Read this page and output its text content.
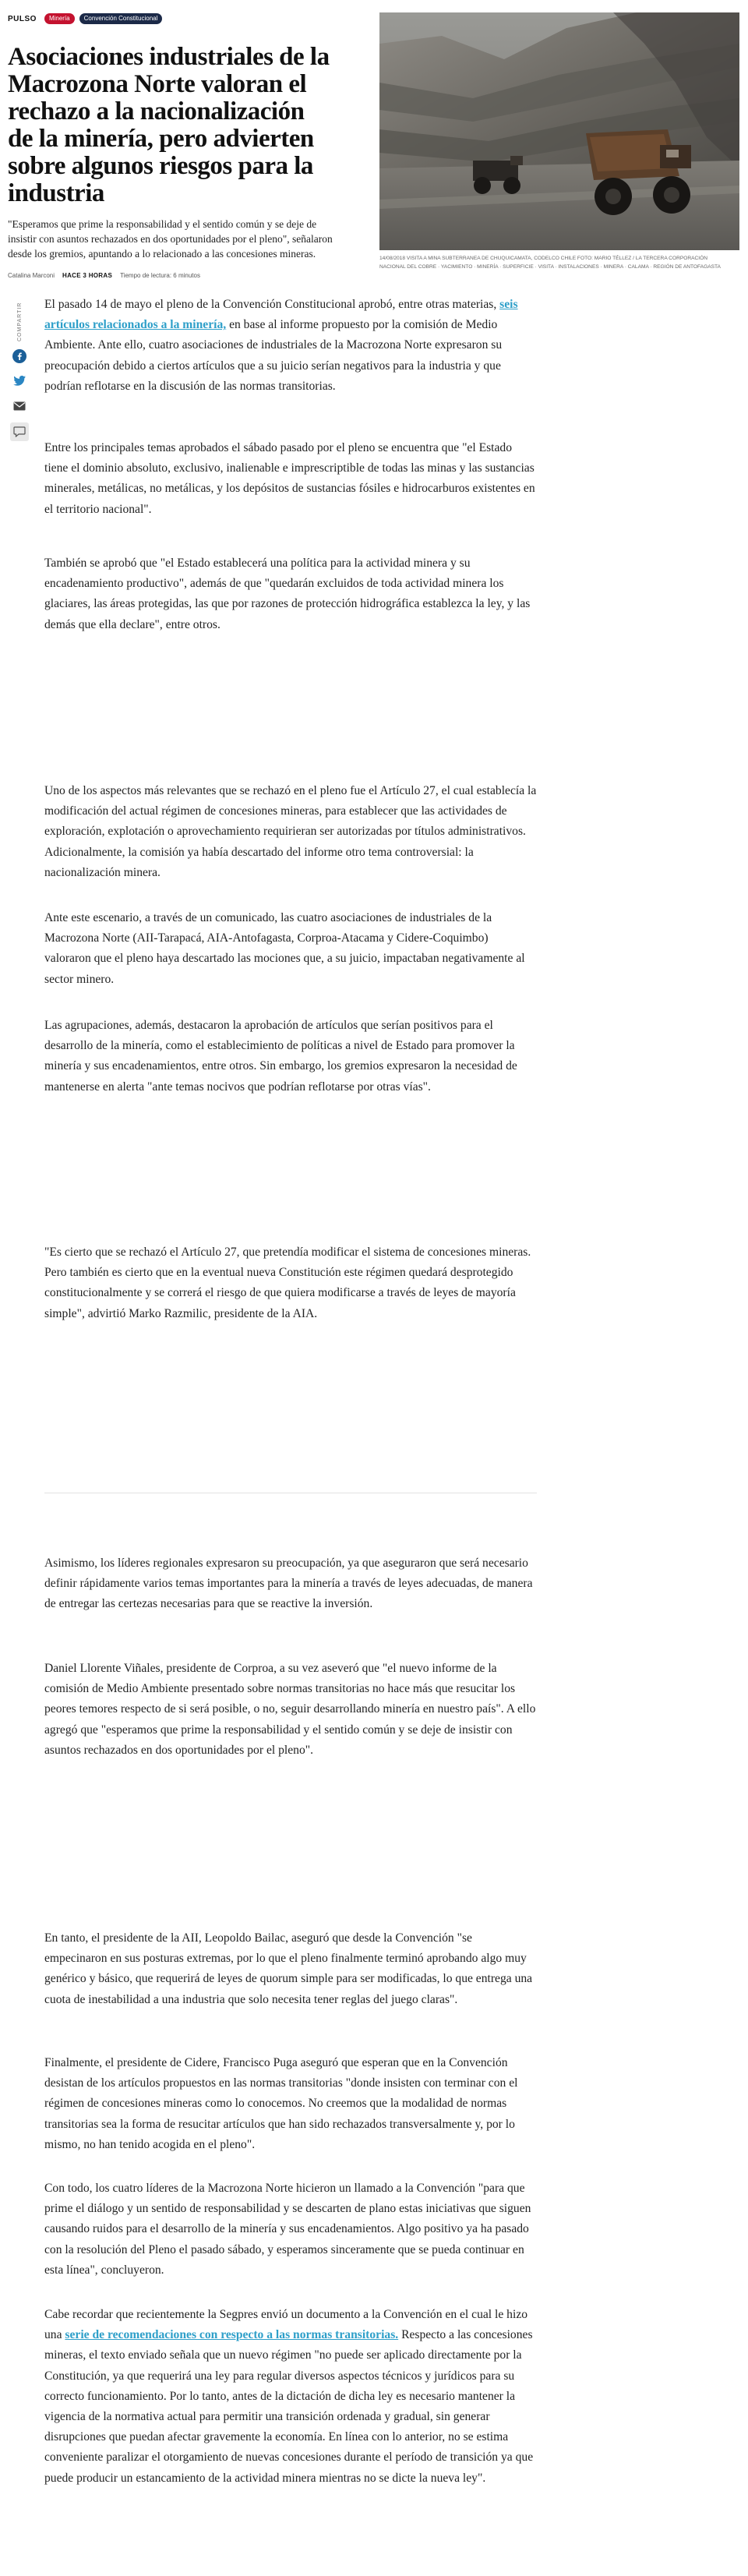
PULSO	Minería	Convención Constitucional
Asociaciones industriales de la Macrozona Norte valoran el rechazo a la nacionalización de la minería, pero advierten sobre algunos riesgos para la industria

"Esperamos que prime la responsabilidad y el sentido común y se deje de insistir con asuntos rechazados en dos oportunidades por el pleno", señalaron desde los gremios, apuntando a lo relacionado a las concesiones mineras.

Catalina Marconi HACE 3 HORAS Tiempo de lectura: 6 minutos

14/08/2018 VISITA A MINA SUBTERRANEA DE CHUQUICAMATA, CODELCO CHILE FOTO: MARIO TÉLLEZ / LA TERCERA CORPORACIÓN NACIONAL DEL COBRE · YACIMIENTO · MINERÍA · SUPERFICIE · VISITA · INSTALACIONES · MINERA · CALAMA · REGIÓN DE ANTOFAGASTA

COMPARTIR El pasado 14 de mayo el pleno de la Convención Constitucional aprobó, entre otras materias, seis artículos relacionados a la minería, en base al informe propuesto por la comisión de Medio Ambiente. Ante ello, cuatro asociaciones de industriales de la Macrozona Norte expresaron su preocupación debido a ciertos artículos que a su juicio serían negativos para la industria y que podrían reflotarse en la discusión de las normas transitorias.

Entre los principales temas aprobados el sábado pasado por el pleno se encuentra que "el Estado tiene el dominio absoluto, exclusivo, inalienable e imprescriptible de todas las minas y las sustancias minerales, metálicas, no metálicas, y los depósitos de sustancias fósiles e hidrocarburos existentes en el territorio nacional".

También se aprobó que "el Estado establecerá una política para la actividad minera y su encadenamiento productivo", además de que "quedarán excluidos de toda actividad minera los glaciares, las áreas protegidas, las que por razones de protección hidrográfica establezca la ley, y las demás que ella declare", entre otros.

Uno de los aspectos más relevantes que se rechazó en el pleno fue el Artículo 27, el cual establecía la modificación del actual régimen de concesiones mineras, para establecer que las actividades de exploración, explotación o aprovechamiento requirieran ser autorizadas por títulos administrativos. Adicionalmente, la comisión ya había descartado del informe otro tema controversial: la nacionalización minera.

Ante este escenario, a través de un comunicado, las cuatro asociaciones de industriales de la Macrozona Norte (AII-Tarapacá, AIA-Antofagasta, Corproa-Atacama y Cidere-Coquimbo) valoraron que el pleno haya descartado las mociones que, a su juicio, impactaban negativamente al sector minero.

Las agrupaciones, además, destacaron la aprobación de artículos que serían positivos para el desarrollo de la minería, como el establecimiento de políticas a nivel de Estado para promover la minería y sus encadenamientos, entre otros. Sin embargo, los gremios expresaron la necesidad de mantenerse en alerta "ante temas nocivos que podrían reflotarse por otras vías".

"Es cierto que se rechazó el Artículo 27, que pretendía modificar el sistema de concesiones mineras. Pero también es cierto que en la eventual nueva Constitución este régimen quedará desprotegido constitucionalmente y se correrá el riesgo de que quiera modificarse a través de leyes de mayoría simple", advirtió Marko Razmilic, presidente de la AIA.

Asimismo, los líderes regionales expresaron su preocupación, ya que aseguraron que será necesario definir rápidamente varios temas importantes para la minería a través de leyes adecuadas, de manera de entregar las certezas necesarias para que se reactive la inversión.

Daniel Llorente Viñales, presidente de Corproa, a su vez aseveró que "el nuevo informe de la comisión de Medio Ambiente presentado sobre normas transitorias no hace más que resucitar los peores temores respecto de si será posible, o no, seguir desarrollando minería en nuestro país". A ello agregó que "esperamos que prime la responsabilidad y el sentido común y se deje de insistir con asuntos rechazados en dos oportunidades por el pleno".

En tanto, el presidente de la AII, Leopoldo Bailac, aseguró que desde la Convención "se empecinaron en sus posturas extremas, por lo que el pleno finalmente terminó aprobando algo muy genérico y básico, que requerirá de leyes de quorum simple para ser modificadas, lo que entrega una cuota de inestabilidad a una industria que solo necesita tener reglas del juego claras".

Finalmente, el presidente de Cidere, Francisco Puga aseguró que esperan que en la Convención desistan de los artículos propuestos en las normas transitorias "donde insisten con terminar con el régimen de concesiones mineras como lo conocemos. No creemos que la modalidad de normas transitorias sea la forma de resucitar artículos que han sido rechazados transversalmente y, por lo mismo, no han tenido acogida en el pleno".

Con todo, los cuatro líderes de la Macrozona Norte hicieron un llamado a la Convención "para que prime el diálogo y un sentido de responsabilidad y se descarten de plano estas iniciativas que siguen causando ruidos para el desarrollo de la minería y sus encadenamientos. Algo positivo ya ha pasado con la resolución del Pleno el pasado sábado, y esperamos sinceramente que se pueda continuar en esta línea", concluyeron.

Cabe recordar que recientemente la Segpres envió un documento a la Convención en el cual le hizo una serie de recomendaciones con respecto a las normas transitorias. Respecto a las concesiones mineras, el texto enviado señala que un nuevo régimen "no puede ser aplicado directamente por la Constitución, ya que requerirá una ley para regular diversos aspectos técnicos y jurídicos para su correcto funcionamiento. Por lo tanto, antes de la dictación de dicha ley es necesario mantener la vigencia de la normativa actual para permitir una transición ordenada y gradual, sin generar disrupciones que puedan afectar gravemente la economía. En línea con lo anterior, no se estima conveniente paralizar el otorgamiento de nuevas concesiones durante el período de transición ya que puede producir un estancamiento de la actividad minera mientras no se dicte la nueva ley".
